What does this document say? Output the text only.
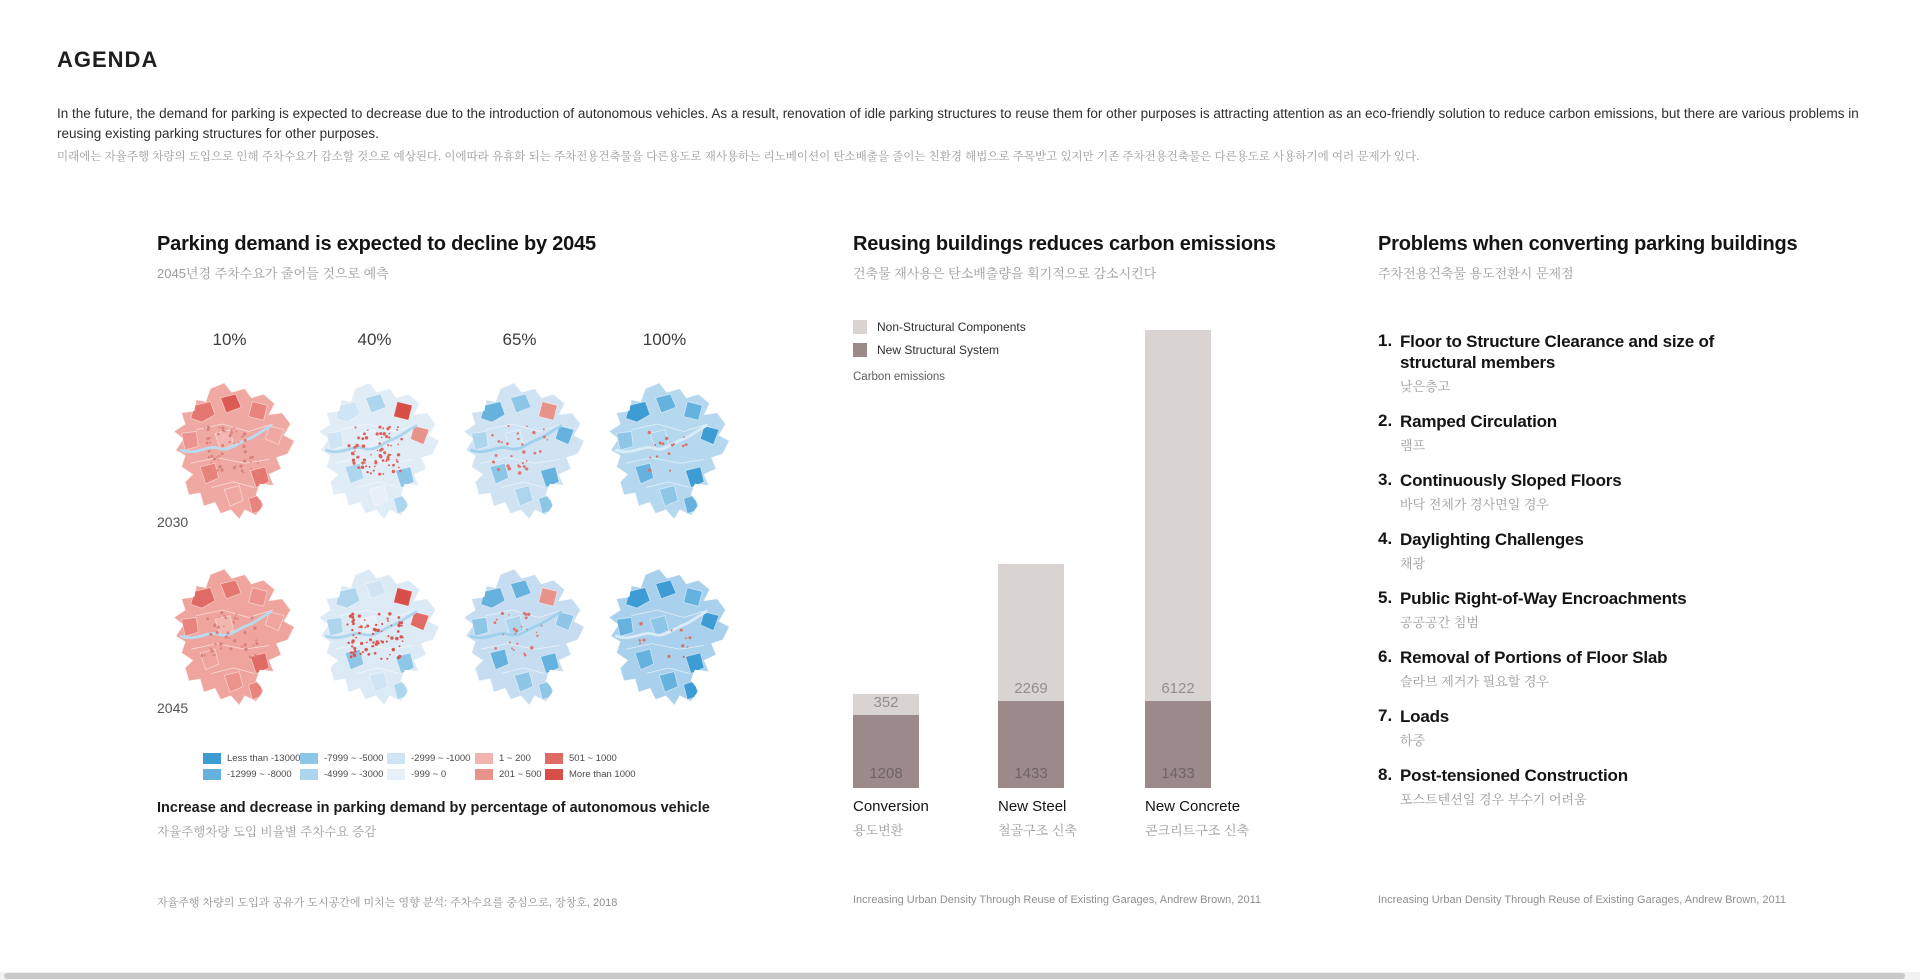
AGENDA
In the future, the demand for parking is expected to decrease due to the introduction of autonomous vehicles. As a result, renovation of idle parking structures to reuse them for other purposes is attracting attention as an eco-friendly solution to reduce carbon emissions, but there are various problems in reusing existing parking structures for other purposes.
미래에는 자율주행 차량의 도입으로 인해 주차수요가 감소할 것으로 예상된다. 이에따라 유휴화 되는 주차전용건축물을 다른용도로 재사용하는 리노베이션이 탄소배출을 줄이는 친환경 해법으로 주목받고 있지만 기존 주차전용건축물은 다른용도로 사용하기에 여러 문제가 있다.
Parking demand is expected to decline by 2045
2045년경 주차수요가 줄어들 것으로 예측
Increase and decrease in parking demand by percentage of autonomous vehicle
자율주행차량 도입 비율별 주차수요 증감
10%	40%	65%	100%
2030
2045
Less than -13000
-12999 ~ -8000
-7999 ~ -5000
-4999 ~ -3000
-2999 ~ -1000
-999 ~ 0
1 ~ 200
201 ~ 500
501 ~ 1000
More than 1000
자율주행 차량의 도입과 공유가 도시공간에 미치는 영향 분석: 주차수요를 중심으로, 장창호, 2018
Reusing buildings reduces carbon emissions
건축물 재사용은 탄소배출량을 획기적으로 감소시킨다
Non-Structural Components
New Structural System
Carbon emissions
352
1208
Conversion
용도변환
2269
1433
New Steel
철골구조 신축
6122
1433
New Concrete
콘크리트구조 신축
Increasing Urban Density Through Reuse of Existing Garages, Andrew Brown, 2011
Problems when converting parking buildings
주차전용건축물 용도전환시 문제점
1. Floor to Structure Clearance and size of structural members
낮은층고
2. Ramped Circulation
램프
3. Continuously Sloped Floors
바닥 전체가 경사면일 경우
4. Daylighting Challenges
채광
5. Public Right-of-Way Encroachments
공공공간 침범
6. Removal of Portions of Floor Slab
슬라브 제거가 필요할 경우
7. Loads
하중
8. Post-tensioned Construction
포스트텐션일 경우 부수기 어려움
Increasing Urban Density Through Reuse of Existing Garages, Andrew Brown, 2011
